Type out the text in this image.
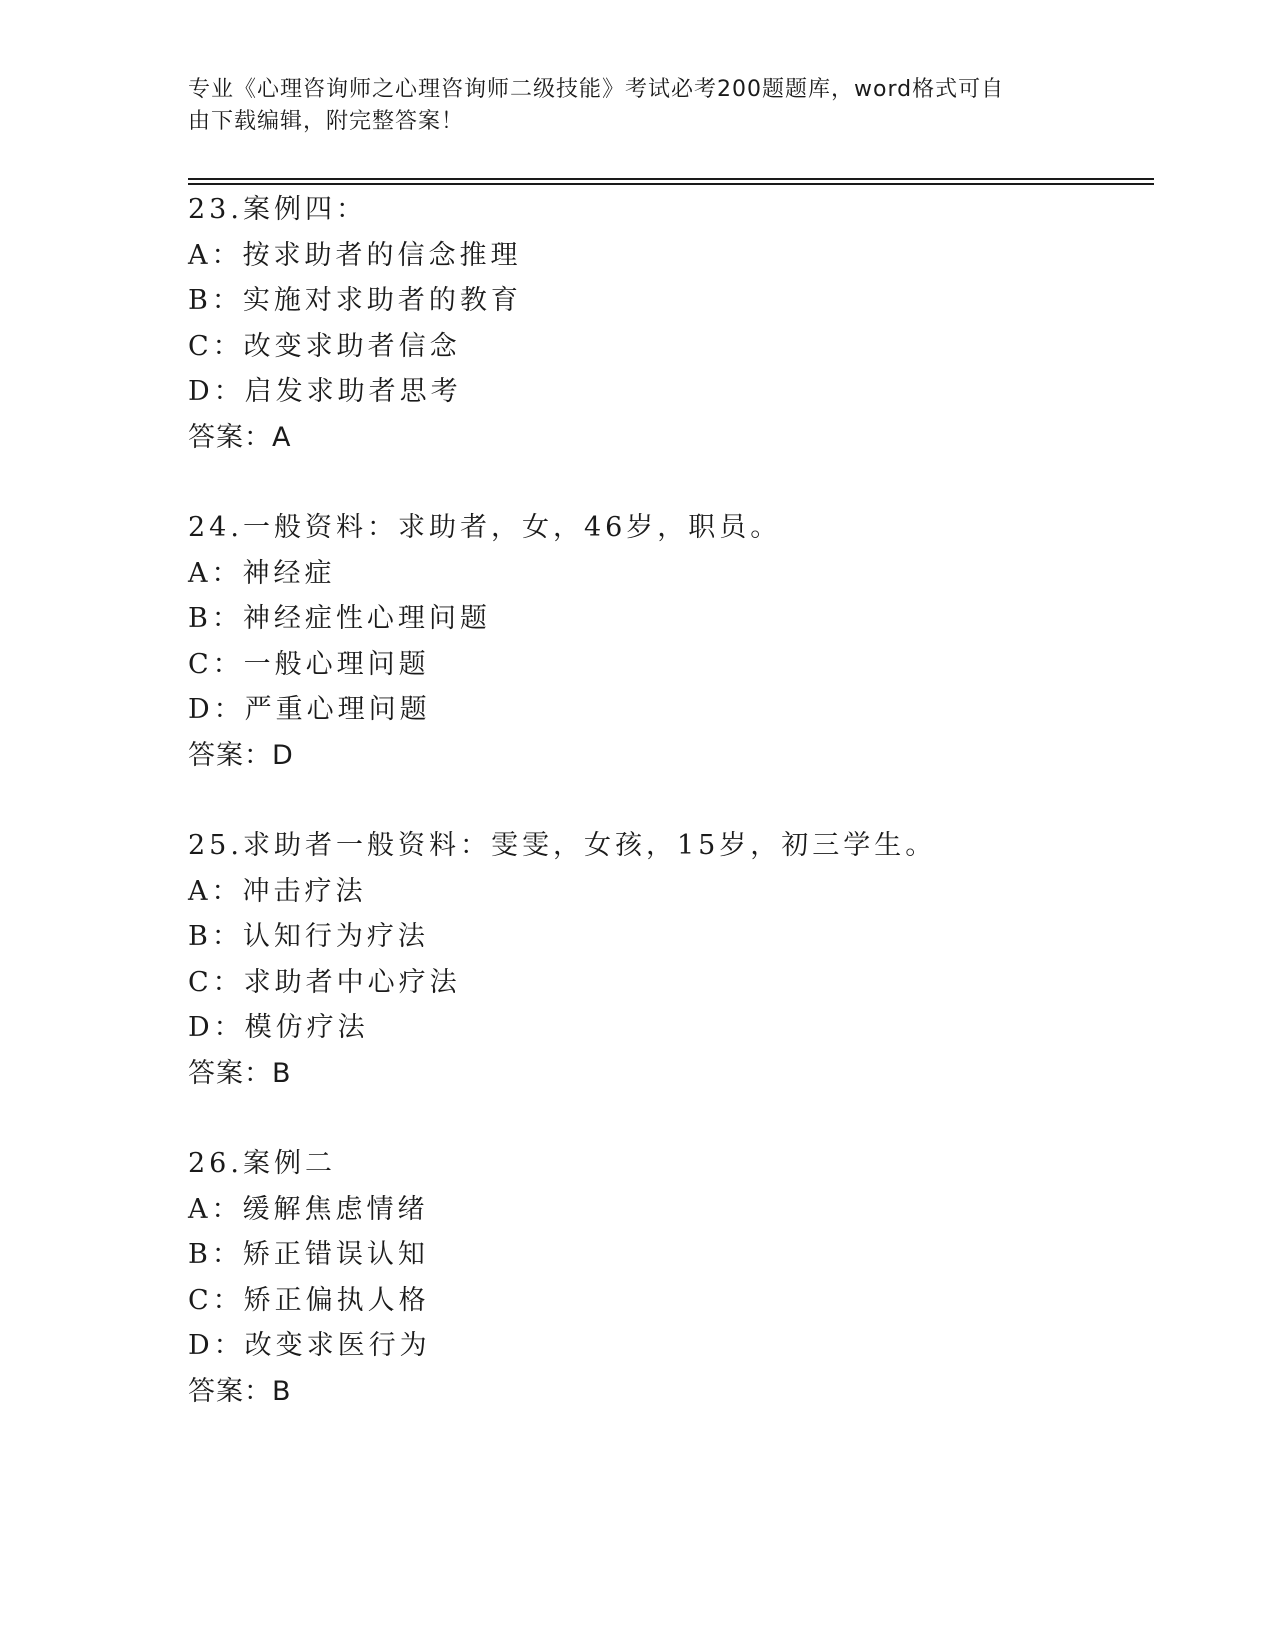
专业《心理咨询师之心理咨询师二级技能》考试必考200题题库，word格式可自
由下载编辑，附完整答案！
23.案例四：
A：按求助者的信念推理
B：实施对求助者的教育
C：改变求助者信念
D：启发求助者思考
答案：A
24.一般资料：求助者，女，46岁，职员。
A：神经症
B：神经症性心理问题
C：一般心理问题
D：严重心理问题
答案：D
25.求助者一般资料：雯雯，女孩，15岁，初三学生。
A：冲击疗法
B：认知行为疗法
C：求助者中心疗法
D：模仿疗法
答案：B
26.案例二
A：缓解焦虑情绪
B：矫正错误认知
C：矫正偏执人格
D：改变求医行为
答案：B
